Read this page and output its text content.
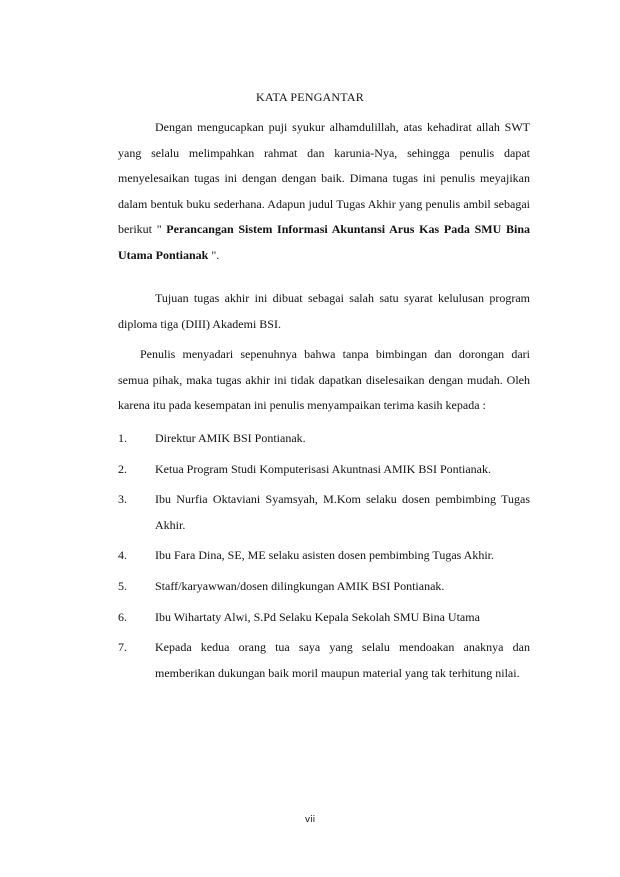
KATA PENGANTAR
Dengan mengucapkan puji syukur alhamdulillah, atas kehadirat allah SWT yang selalu melimpahkan rahmat dan karunia-Nya, sehingga penulis dapat menyelesaikan tugas ini dengan dengan baik. Dimana tugas ini penulis meyajikan dalam bentuk buku sederhana. Adapun judul Tugas Akhir yang penulis ambil sebagai berikut " Perancangan Sistem Informasi Akuntansi Arus Kas Pada SMU Bina Utama Pontianak ".
Tujuan tugas akhir ini dibuat sebagai salah satu syarat kelulusan program diploma tiga (DIII) Akademi BSI.
Penulis menyadari sepenuhnya bahwa tanpa bimbingan dan dorongan dari semua pihak, maka tugas akhir ini tidak dapatkan diselesaikan dengan mudah. Oleh karena itu pada kesempatan ini penulis menyampaikan terima kasih kepada :
1.	Direktur AMIK BSI Pontianak.
2.	Ketua Program Studi Komputerisasi Akuntnasi AMIK BSI Pontianak.
3.	Ibu Nurfia Oktaviani Syamsyah, M.Kom selaku dosen pembimbing Tugas Akhir.
4.	Ibu Fara Dina, SE, ME selaku asisten dosen pembimbing Tugas Akhir.
5.	Staff/karyawwan/dosen dilingkungan AMIK BSI Pontianak.
6.	Ibu Wihartaty Alwi, S.Pd Selaku Kepala Sekolah SMU Bina Utama
7.	Kepada kedua orang tua saya yang selalu mendoakan anaknya dan memberikan dukungan baik moril maupun material yang tak terhitung nilai.
vii
